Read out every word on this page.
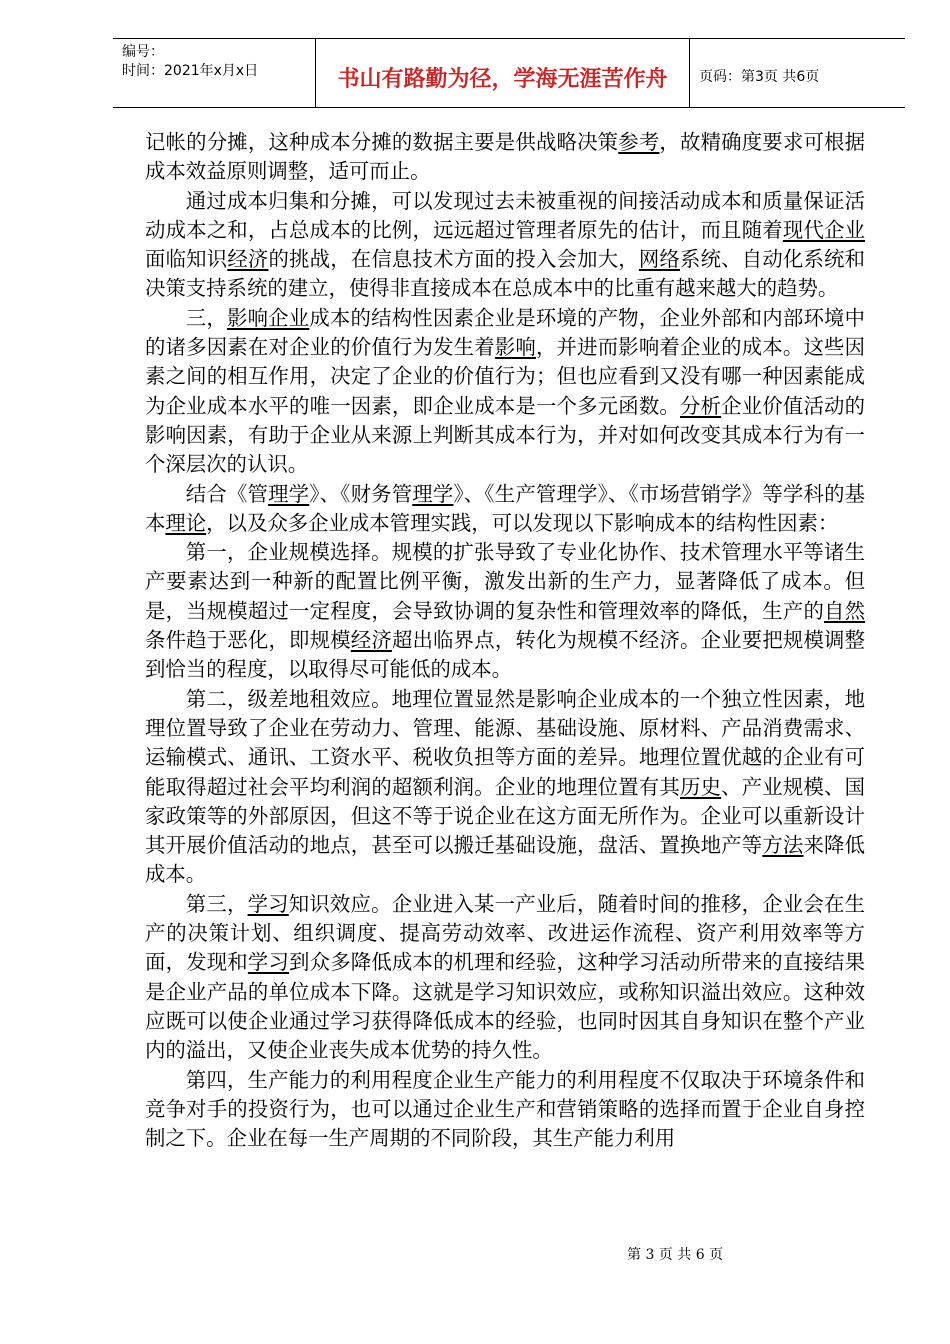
编号：
时间：2021年x月x日	书山有路勤为径，学海无涯苦作舟 页码：第3页 共6页

记帐的分摊，这种成本分摊的数据主要是供战略决策参考，故精确度要求可根据成本效益原则调整，适可而止。

通过成本归集和分摊，可以发现过去未被重视的间接活动成本和质量保证活动成本之和，占总成本的比例，远远超过管理者原先的估计，而且随着现代企业面临知识经济的挑战，在信息技术方面的投入会加大，网络系统、自动化系统和决策支持系统的建立，使得非直接成本在总成本中的比重有越来越大的趋势。

三，影响企业成本的结构性因素企业是环境的产物，企业外部和内部环境中的诸多因素在对企业的价值行为发生着影响，并进而影响着企业的成本。这些因素之间的相互作用，决定了企业的价值行为；但也应看到又没有哪一种因素能成为企业成本水平的唯一因素，即企业成本是一个多元函数。分析企业价值活动的影响因素，有助于企业从来源上判断其成本行为，并对如何改变其成本行为有一个深层次的认识。

结合《管理学》、《财务管理学》、《生产管理学》、《市场营销学》等学科的基本理论，以及众多企业成本管理实践，可以发现以下影响成本的结构性因素：

第一，企业规模选择。规模的扩张导致了专业化协作、技术管理水平等诸生产要素达到一种新的配置比例平衡，激发出新的生产力，显著降低了成本。但是，当规模超过一定程度，会导致协调的复杂性和管理效率的降低，生产的自然条件趋于恶化，即规模经济超出临界点，转化为规模不经济。企业要把规模调整到恰当的程度，以取得尽可能低的成本。

第二，级差地租效应。地理位置显然是影响企业成本的一个独立性因素，地理位置导致了企业在劳动力、管理、能源、基础设施、原材料、产品消费需求、运输模式、通讯、工资水平、税收负担等方面的差异。地理位置优越的企业有可能取得超过社会平均利润的超额利润。企业的地理位置有其历史、产业规模、国家政策等的外部原因，但这不等于说企业在这方面无所作为。企业可以重新设计其开展价值活动的地点，甚至可以搬迁基础设施，盘活、置换地产等方法来降低成本。

第三，学习知识效应。企业进入某一产业后，随着时间的推移，企业会在生产的决策计划、组织调度、提高劳动效率、改进运作流程、资产利用效率等方面，发现和学习到众多降低成本的机理和经验，这种学习活动所带来的直接结果是企业产品的单位成本下降。这就是学习知识效应，或称知识溢出效应。这种效应既可以使企业通过学习获得降低成本的经验，也同时因其自身知识在整个产业内的溢出，又使企业丧失成本优势的持久性。

第四，生产能力的利用程度企业生产能力的利用程度不仅取决于环境条件和竞争对手的投资行为，也可以通过企业生产和营销策略的选择而置于企业自身控制之下。企业在每一生产周期的不同阶段，其生产能力利用

第 3 页 共 6 页
